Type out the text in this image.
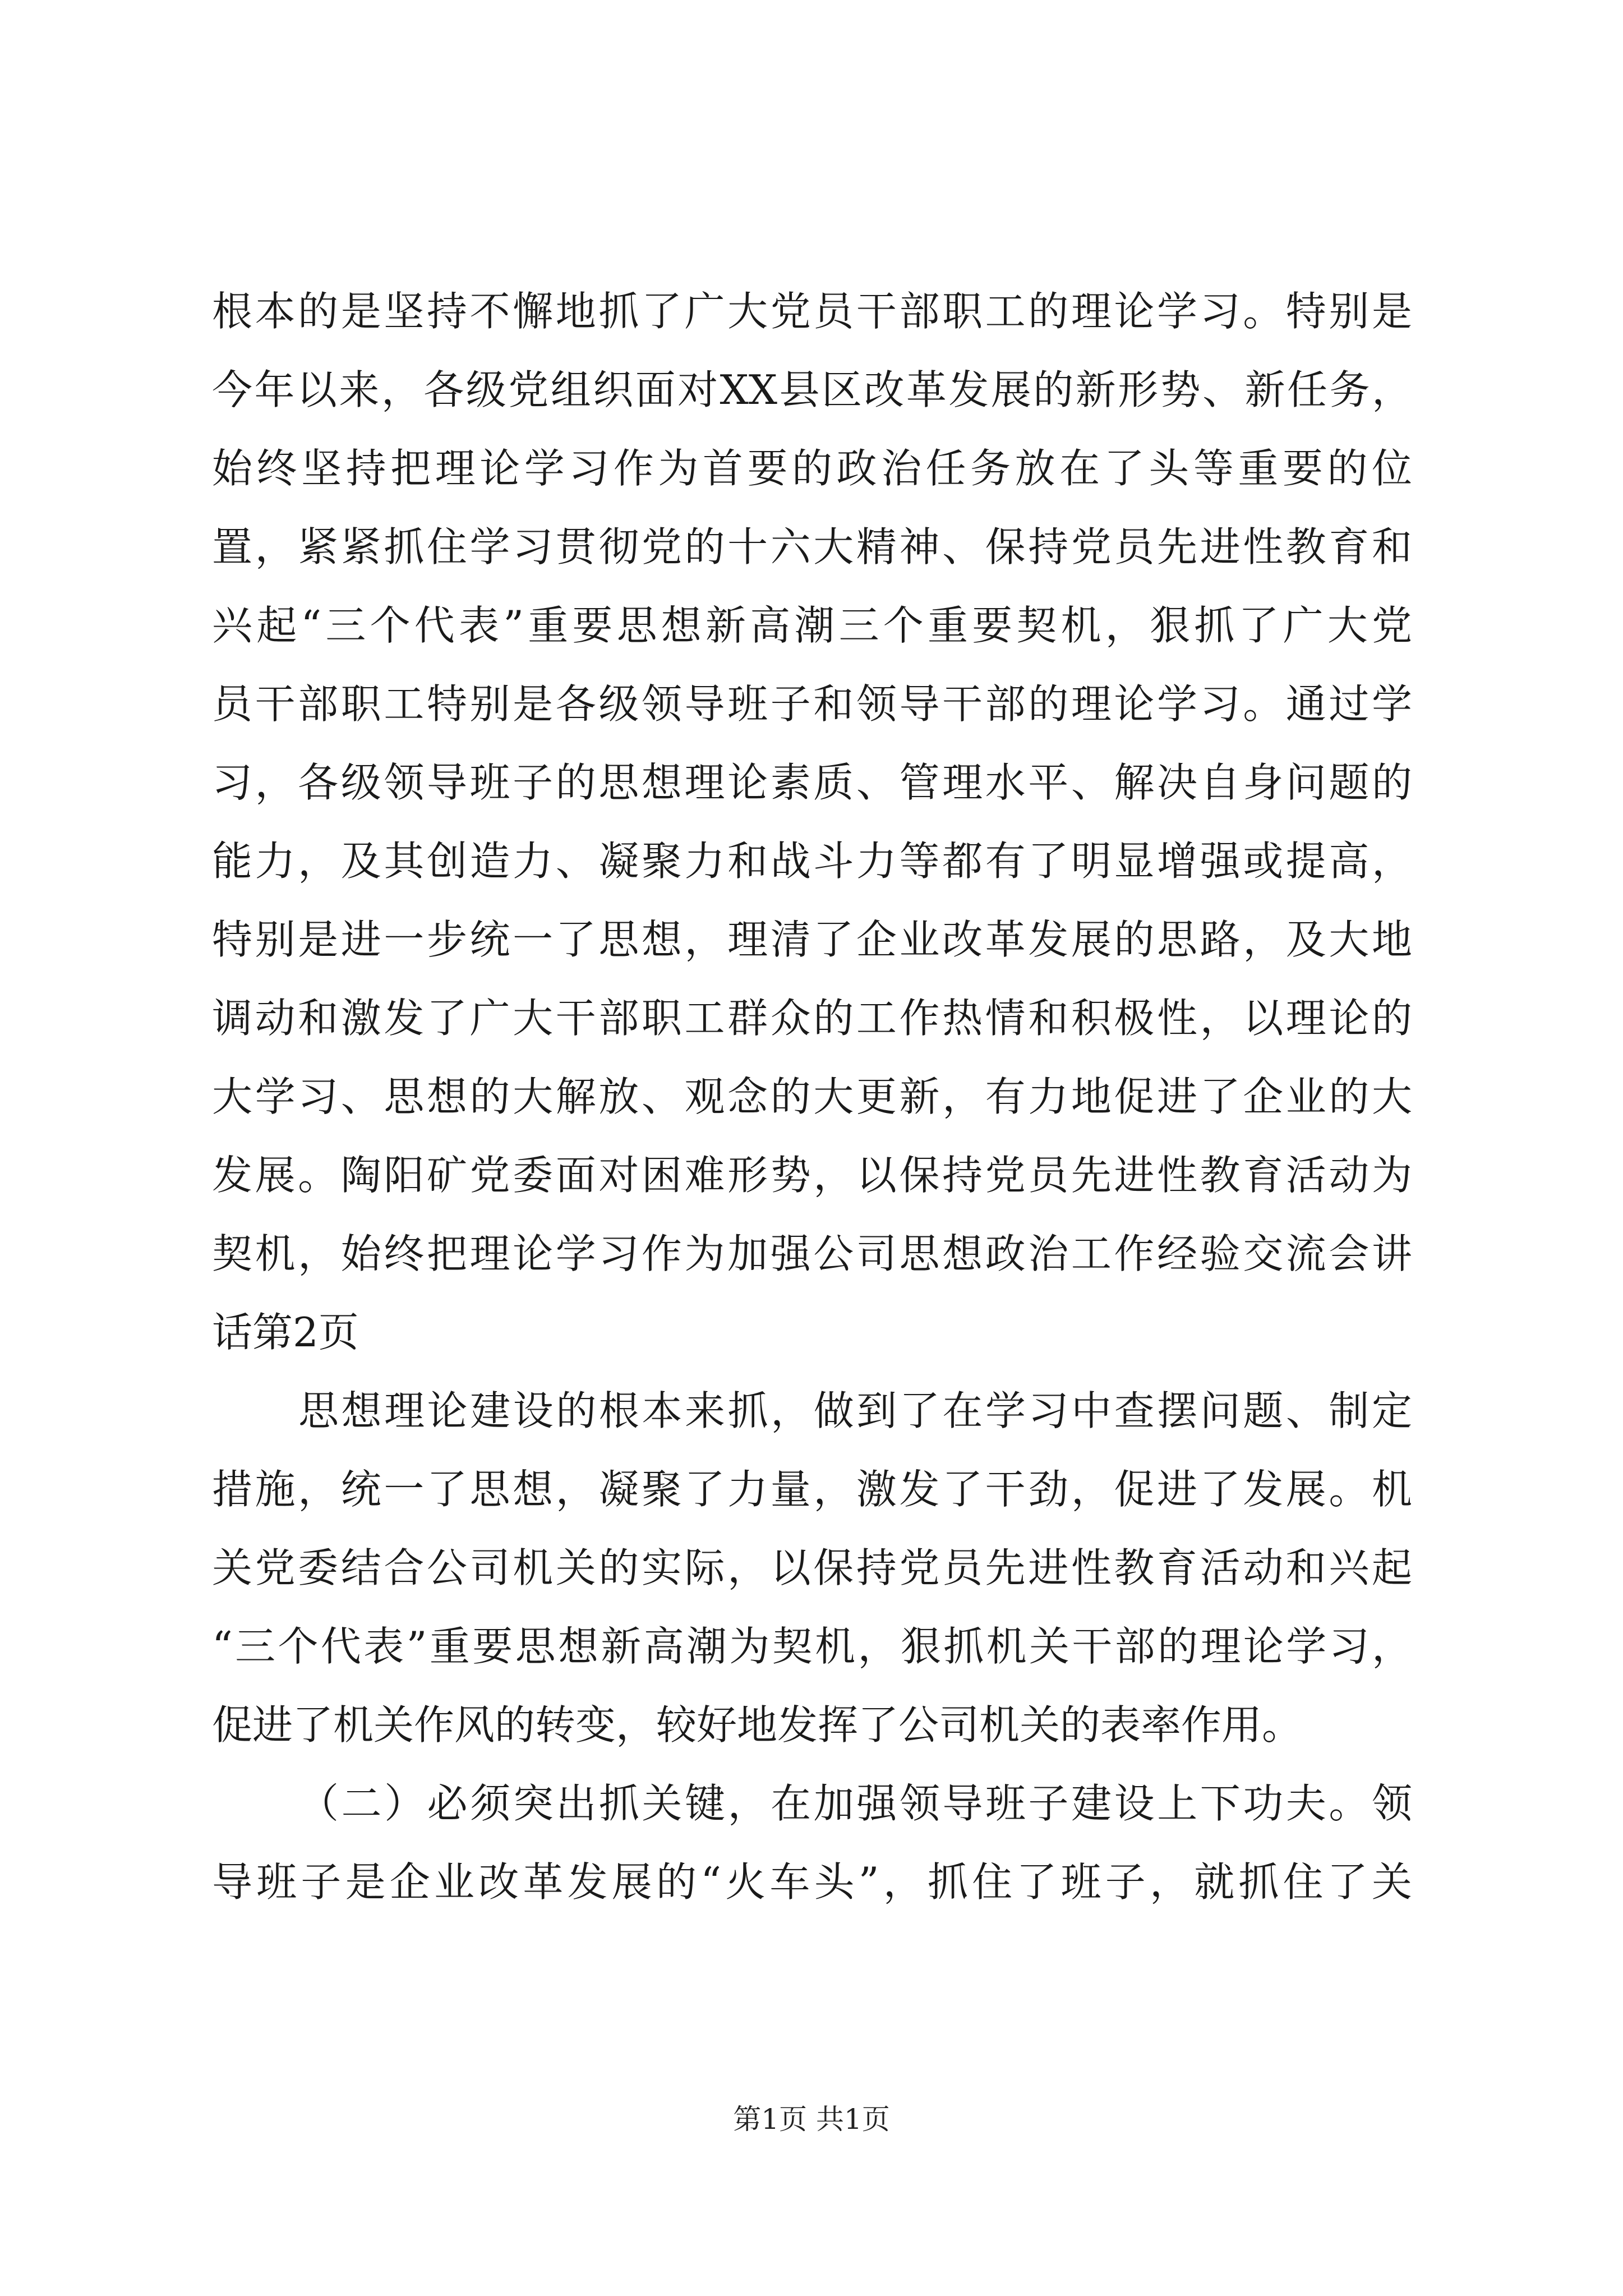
根本的是坚持不懈地抓了广大党员干部职工的理论学习。特别是
今年以来，各级党组织面对XX县区改革发展的新形势、新任务，
始终坚持把理论学习作为首要的政治任务放在了头等重要的位
置，紧紧抓住学习贯彻党的十六大精神、保持党员先进性教育和
兴起“三个代表”重要思想新高潮三个重要契机，狠抓了广大党
员干部职工特别是各级领导班子和领导干部的理论学习。通过学
习，各级领导班子的思想理论素质、管理水平、解决自身问题的
能力，及其创造力、凝聚力和战斗力等都有了明显增强或提高，
特别是进一步统一了思想，理清了企业改革发展的思路，及大地
调动和激发了广大干部职工群众的工作热情和积极性，以理论的
大学习、思想的大解放、观念的大更新，有力地促进了企业的大
发展。陶阳矿党委面对困难形势，以保持党员先进性教育活动为
契机，始终把理论学习作为加强公司思想政治工作经验交流会讲
话第2页
思想理论建设的根本来抓，做到了在学习中查摆问题、制定
措施，统一了思想，凝聚了力量，激发了干劲，促进了发展。机
关党委结合公司机关的实际，以保持党员先进性教育活动和兴起
“三个代表”重要思想新高潮为契机，狠抓机关干部的理论学习，
促进了机关作风的转变，较好地发挥了公司机关的表率作用。
（二）必须突出抓关键，在加强领导班子建设上下功夫。领
导班子是企业改革发展的“火车头”，抓住了班子，就抓住了关
第1页 共1页
